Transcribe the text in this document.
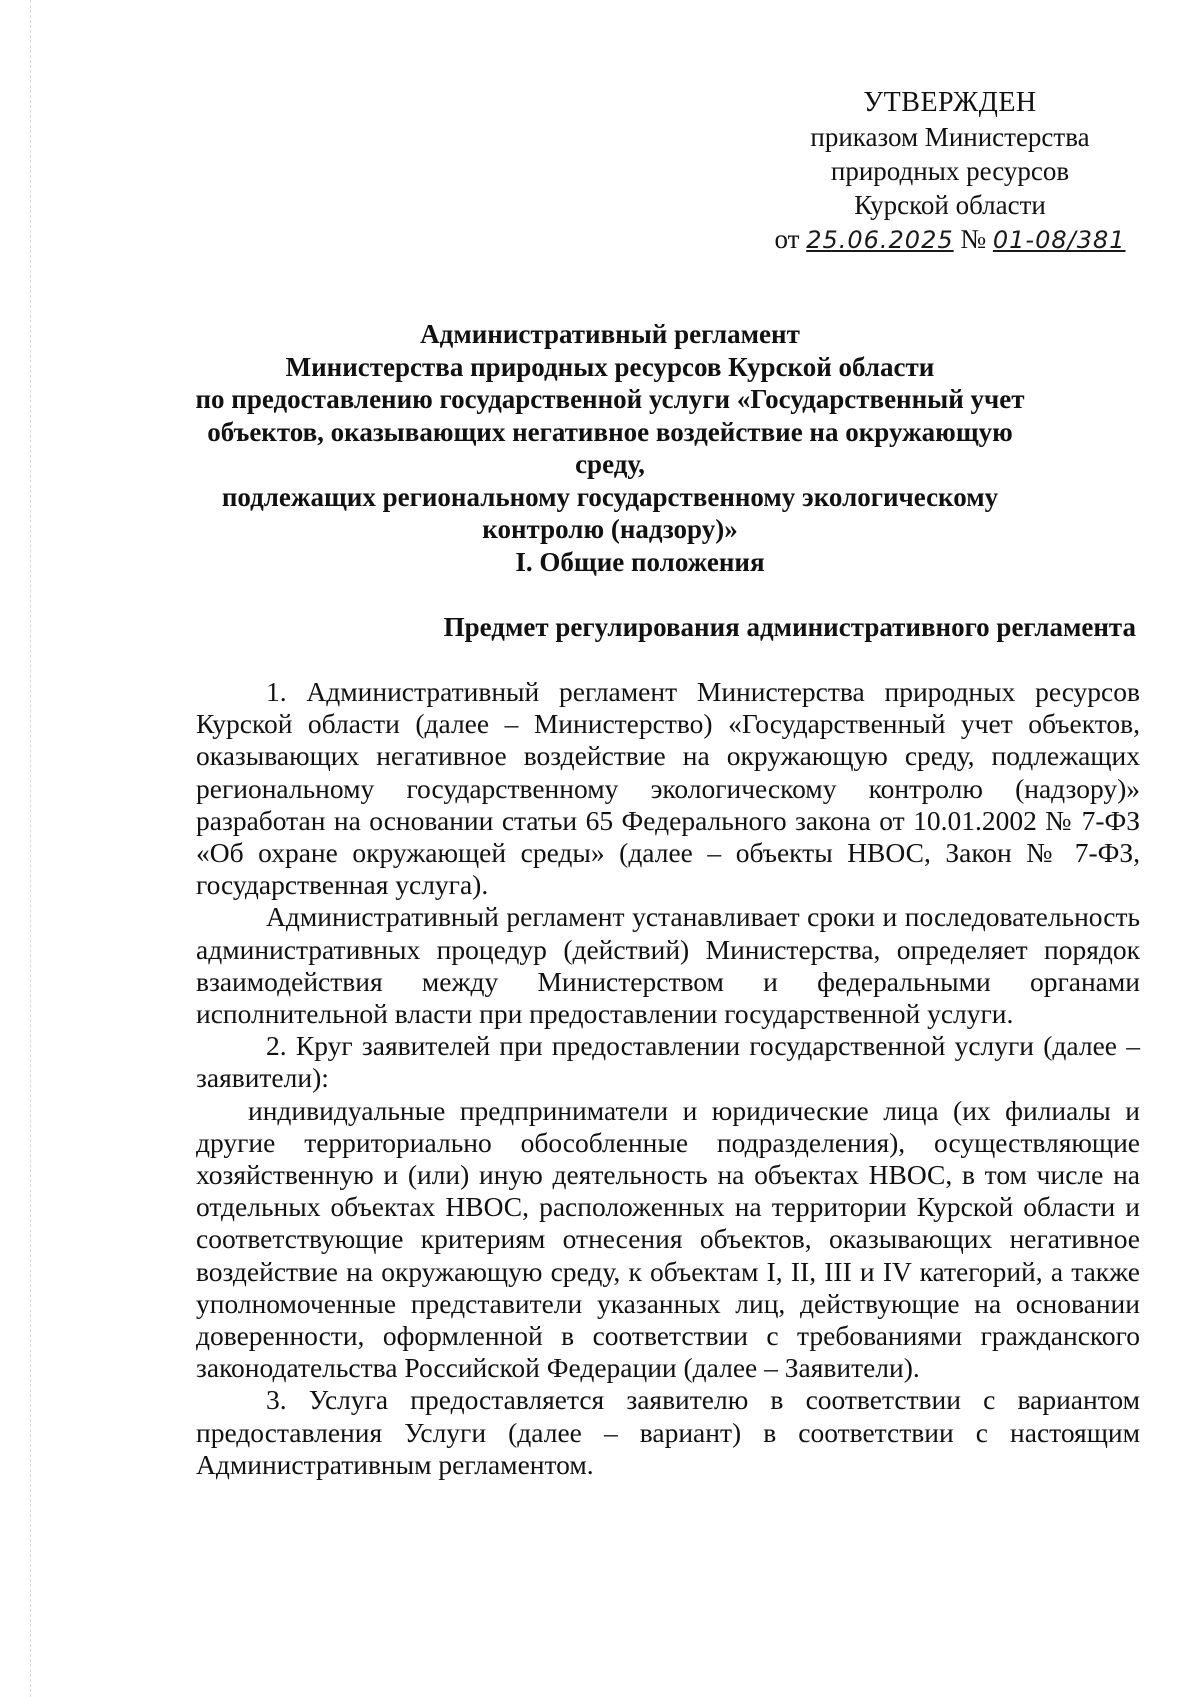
УТВЕРЖДЕН
приказом Министерства
природных ресурсов
Курской области
от 25.06.2025 № 01-08/381
Административный регламент
Министерства природных ресурсов Курской области
по предоставлению государственной услуги «Государственный учет
объектов, оказывающих негативное воздействие на окружающую среду,
подлежащих региональному государственному экологическому
контролю (надзору)»
I. Общие положения
Предмет регулирования административного регламента

1. Административный регламент Министерства природных ресурсов Курской области (далее – Министерство) «Государственный учет объектов, оказывающих негативное воздействие на окружающую среду, подлежащих региональному государственному экологическому контролю (надзору)» разработан на основании статьи 65 Федерального закона от 10.01.2002 № 7-ФЗ «Об охране окружающей среды» (далее – объекты НВОС, Закон № 7-ФЗ, государственная услуга).

Административный регламент устанавливает сроки и последовательность административных процедур (действий) Министерства, определяет порядок взаимодействия между Министерством и федеральными органами исполнительной власти при предоставлении государственной услуги.

2. Круг заявителей при предоставлении государственной услуги (далее – заявители):

индивидуальные предприниматели и юридические лица (их филиалы и другие территориально обособленные подразделения), осуществляющие хозяйственную и (или) иную деятельность на объектах НВОС, в том числе на отдельных объектах НВОС, расположенных на территории Курской области и соответствующие критериям отнесения объектов, оказывающих негативное воздействие на окружающую среду, к объектам I, II, III и IV категорий, а также уполномоченные представители указанных лиц, действующие на основании доверенности, оформленной в соответствии с требованиями гражданского законодательства Российской Федерации (далее – Заявители).

3. Услуга предоставляется заявителю в соответствии с вариантом предоставления Услуги (далее – вариант) в соответствии с настоящим Административным регламентом.
